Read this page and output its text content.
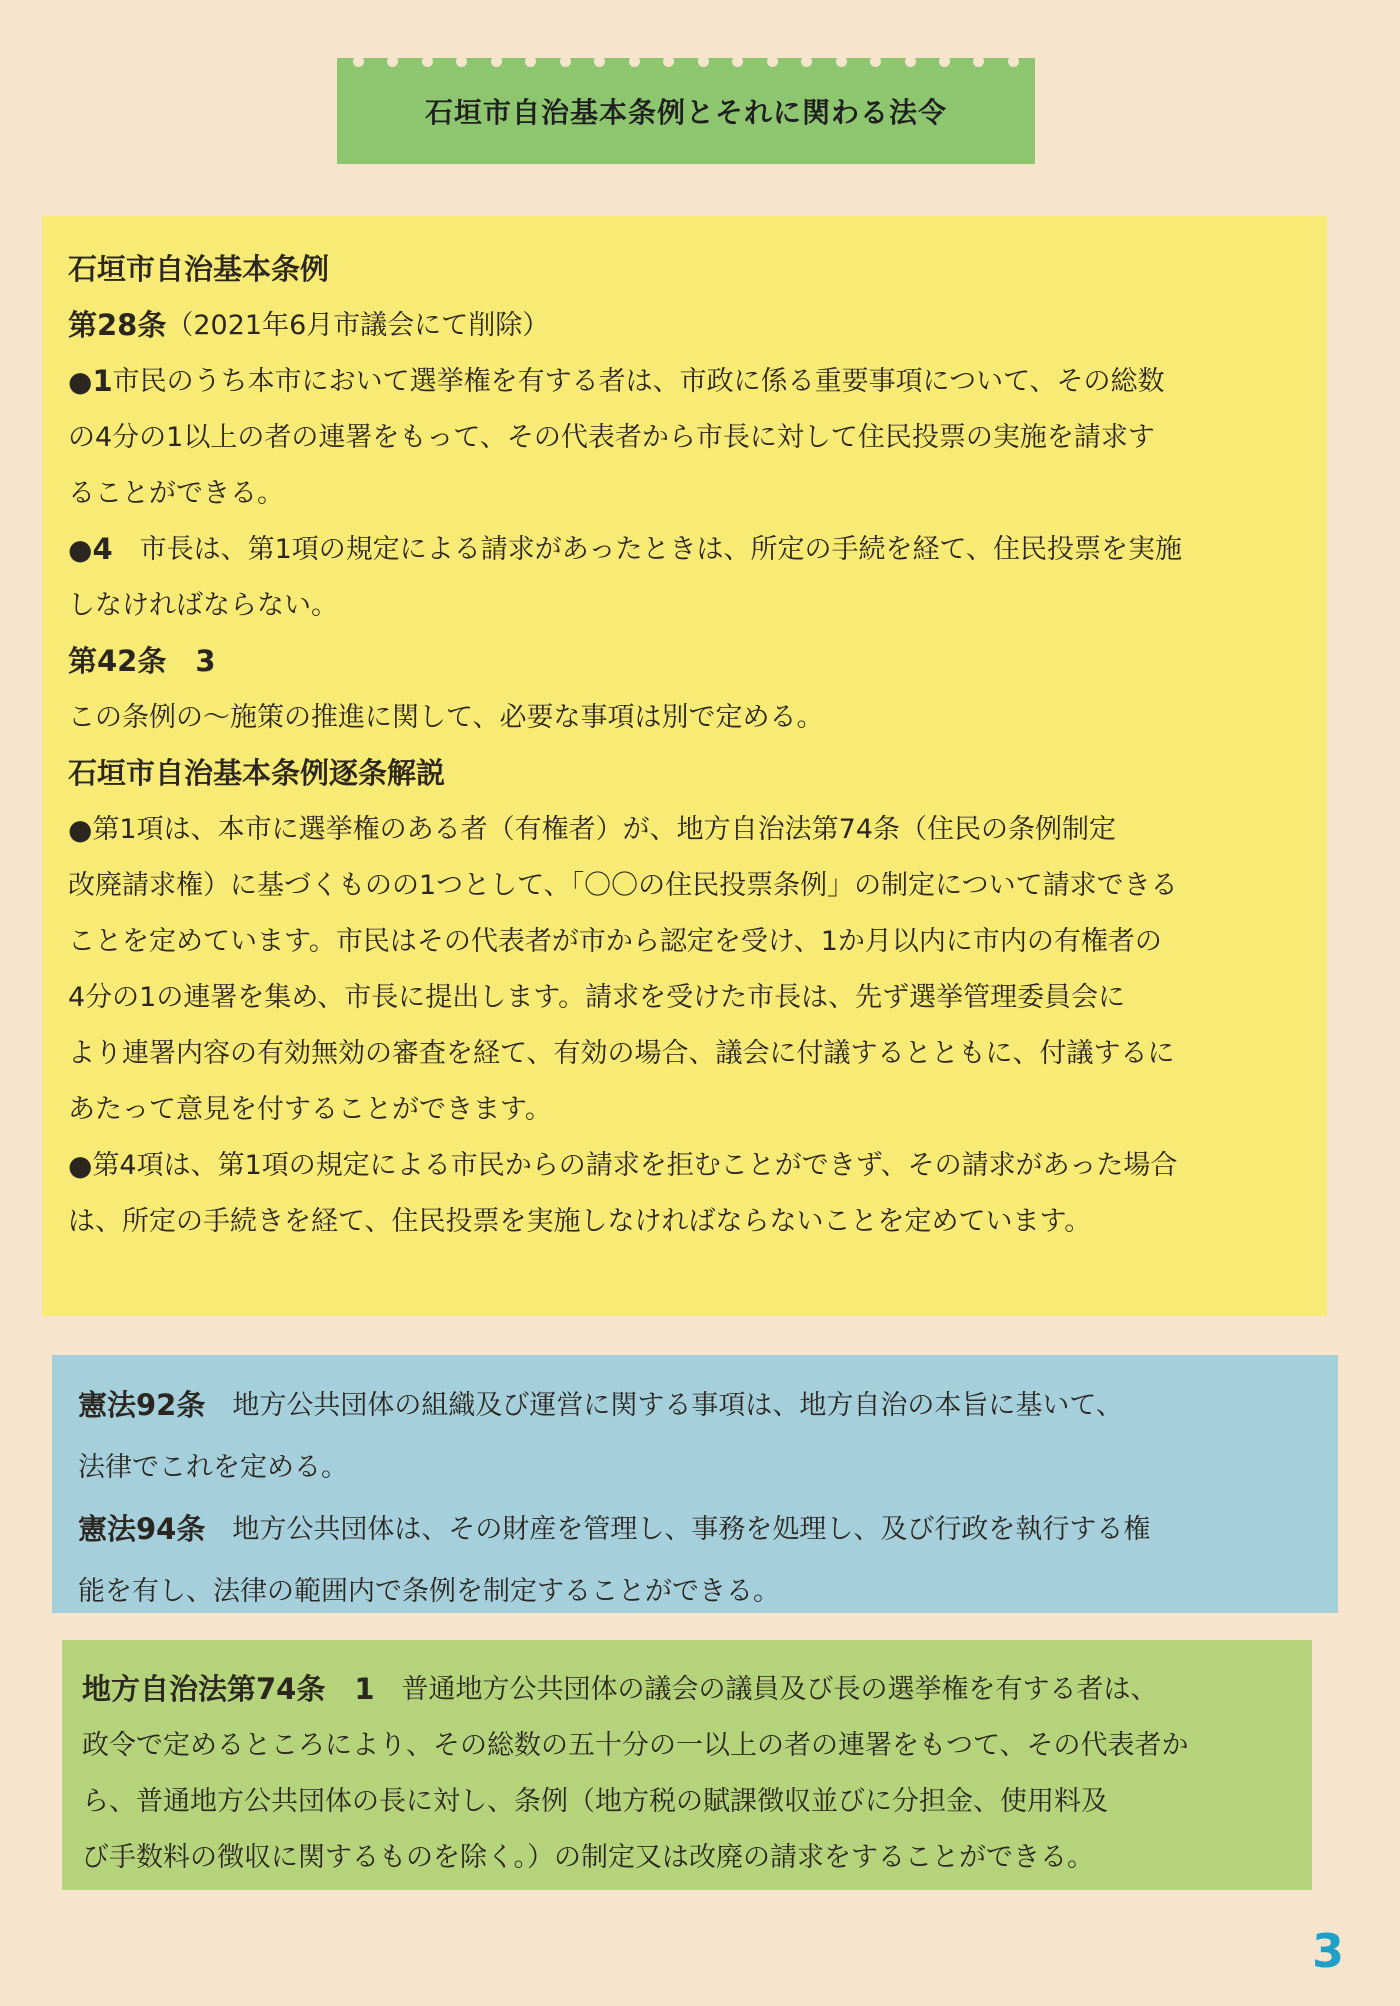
石垣市自治基本条例とそれに関わる法令
石垣市自治基本条例
第28条 （2021年6月市議会にて削除）
● 1 市民のうち本市において選挙権を有する者は、市政に係る重要事項について、その総数
の4分の1以上の者の連署をもって、その代表者から市長に対して住民投票の実施を請求す
ることができる。
● 4 　市長は、第1項の規定による請求があったときは、所定の手続を経て、住民投票を実施
しなければならない。
第42条　3
この条例の～施策の推進に関して、必要な事項は別で定める。
石垣市自治基本条例逐条解説
● 第1項は、本市に選挙権のある者（有権者）が、地方自治法第74条（住民の条例制定
改廃請求権）に基づくものの1つとして、「〇〇の住民投票条例」の制定について請求できる
ことを定めています。市民はその代表者が市から認定を受け、1か月以内に市内の有権者の
4分の1の連署を集め、市長に提出します。請求を受けた市長は、先ず選挙管理委員会に
より連署内容の有効無効の審査を経て、有効の場合、議会に付議するとともに、付議するに
あたって意見を付することができます。
● 第4項は、第1項の規定による市民からの請求を拒むことができず、その請求があった場合
は、所定の手続きを経て、住民投票を実施しなければならないことを定めています。
憲法92条 　地方公共団体の組織及び運営に関する事項は、地方自治の本旨に基いて、
法律でこれを定める。
憲法94条 　地方公共団体は、その財産を管理し、事務を処理し、及び行政を執行する権
能を有し、法律の範囲内で条例を制定することができる。
地方自治法第74条　1 　普通地方公共団体の議会の議員及び長の選挙権を有する者は、
政令で定めるところにより、その総数の五十分の一以上の者の連署をもつて、その代表者か
ら、普通地方公共団体の長に対し、条例（地方税の賦課徴収並びに分担金、使用料及
び手数料の徴収に関するものを除く。）の制定又は改廃の請求をすることができる。
3
